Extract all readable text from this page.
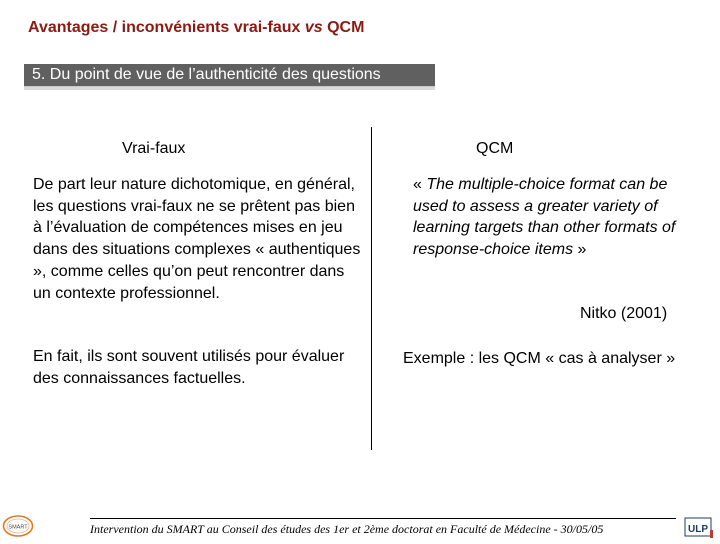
Avantages / inconvénients vrai-faux vs QCM
5. Du point de vue de l’authenticité des questions
Vrai-faux	QCM
De part leur nature dichotomique, en général, les questions vrai-faux ne se prêtent pas bien à l’évaluation de compétences mises en jeu dans des situations complexes « authentiques », comme celles qu’on peut rencontrer dans un contexte professionnel.
En fait, ils sont souvent utilisés pour évaluer des connaissances factuelles.
« The multiple-choice format can be used to assess a greater variety of learning targets than other formats of response-choice items »
Nitko (2001)
Exemple : les QCM « cas à analyser »
Intervention du SMART au Conseil des études des 1er et 2ème doctorat en Faculté de Médecine - 30/05/05
SMART	ULP
